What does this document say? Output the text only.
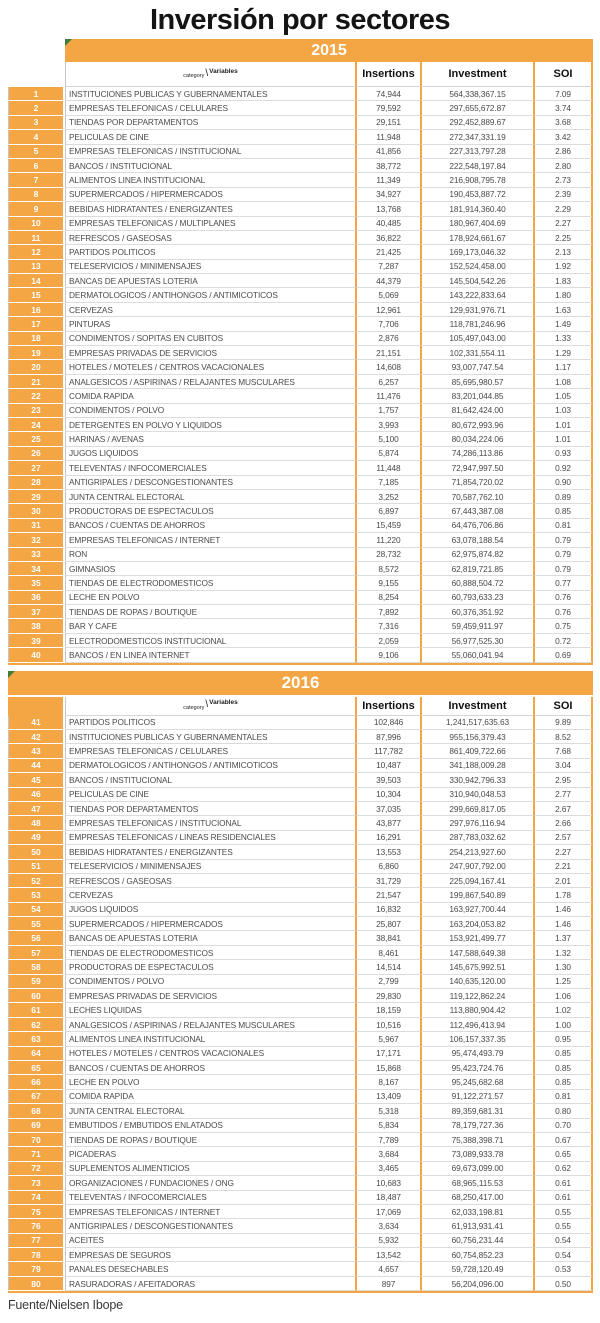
Inversión por sectores
2015
category \ Variables	Insertions	Investment	SOI
1	INSTITUCIONES PUBLICAS Y GUBERNAMENTALES	74,944	564,338,367.15	7.09
2	EMPRESAS TELEFONICAS / CELULARES	79,592	297,655,672.87	3.74
3	TIENDAS POR DEPARTAMENTOS	29,151	292,452,889.67	3.68
4	PELICULAS DE CINE	11,948	272,347,331.19	3.42
5	EMPRESAS TELEFONICAS / INSTITUCIONAL	41,856	227,313,797.28	2.86
6	BANCOS / INSTITUCIONAL	38,772	222,548,197.84	2.80
7	ALIMENTOS LINEA INSTITUCIONAL	11,349	216,908,795.78	2.73
8	SUPERMERCADOS / HIPERMERCADOS	34,927	190,453,887.72	2.39
9	BEBIDAS HIDRATANTES / ENERGIZANTES	13,768	181,914,360.40	2.29
10	EMPRESAS TELEFONICAS / MULTIPLANES	40,485	180,967,404.69	2.27
11	REFRESCOS / GASEOSAS	36,822	178,924,661.67	2.25
12	PARTIDOS POLITICOS	21,425	169,173,046.32	2.13
13	TELESERVICIOS / MINIMENSAJES	7,287	152,524,458.00	1.92
14	BANCAS DE APUESTAS LOTERIA	44,379	145,504,542.26	1.83
15	DERMATOLOGICOS / ANTIHONGOS / ANTIMICOTICOS	5,069	143,222,833.64	1.80
16	CERVEZAS	12,961	129,931,976.71	1.63
17	PINTURAS	7,706	118,781,246.96	1.49
18	CONDIMENTOS / SOPITAS EN CUBITOS	2,876	105,497,043.00	1.33
19	EMPRESAS PRIVADAS DE SERVICIOS	21,151	102,331,554.11	1.29
20	HOTELES / MOTELES / CENTROS VACACIONALES	14,608	93,007,747.54	1.17
21	ANALGESICOS / ASPIRINAS / RELAJANTES MUSCULARES	6,257	85,695,980.57	1.08
22	COMIDA RAPIDA	11,476	83,201,044.85	1.05
23	CONDIMENTOS / POLVO	1,757	81,642,424.00	1.03
24	DETERGENTES EN POLVO Y LIQUIDOS	3,993	80,672,993.96	1.01
25	HARINAS / AVENAS	5,100	80,034,224.06	1.01
26	JUGOS LIQUIDOS	5,874	74,286,113.86	0.93
27	TELEVENTAS / INFOCOMERCIALES	11,448	72,947,997.50	0.92
28	ANTIGRIPALES / DESCONGESTIONANTES	7,185	71,854,720.02	0.90
29	JUNTA CENTRAL ELECTORAL	3,252	70,587,762.10	0.89
30	PRODUCTORAS DE ESPECTACULOS	6,897	67,443,387.08	0.85
31	BANCOS / CUENTAS DE AHORROS	15,459	64,476,706.86	0.81
32	EMPRESAS TELEFONICAS / INTERNET	11,220	63,078,188.54	0.79
33	RON	28,732	62,975,874.82	0.79
34	GIMNASIOS	8,572	62,819,721.85	0.79
35	TIENDAS DE ELECTRODOMESTICOS	9,155	60,888,504.72	0.77
36	LECHE EN POLVO	8,254	60,793,633.23	0.76
37	TIENDAS DE ROPAS / BOUTIQUE	7,892	60,376,351.92	0.76
38	BAR Y CAFE	7,316	59,459,911.97	0.75
39	ELECTRODOMESTICOS INSTITUCIONAL	2,059	56,977,525.30	0.72
40	BANCOS / EN LINEA INTERNET	9,106	55,060,041.94	0.69
2016
category \ Variables	Insertions	Investment	SOI
41	PARTIDOS POLITICOS	102,846	1,241,517,635.63	9.89
42	INSTITUCIONES PUBLICAS Y GUBERNAMENTALES	87,996	955,156,379.43	8.52
43	EMPRESAS TELEFONICAS / CELULARES	117,782	861,409,722.66	7.68
44	DERMATOLOGICOS / ANTIHONGOS / ANTIMICOTICOS	10,487	341,188,009.28	3.04
45	BANCOS / INSTITUCIONAL	39,503	330,942,796.33	2.95
46	PELICULAS DE CINE	10,304	310,940,048.53	2.77
47	TIENDAS POR DEPARTAMENTOS	37,035	299,669,817.05	2.67
48	EMPRESAS TELEFONICAS / INSTITUCIONAL	43,877	297,976,116.94	2.66
49	EMPRESAS TELEFONICAS / LINEAS RESIDENCIALES	16,291	287,783,032.62	2.57
50	BEBIDAS HIDRATANTES / ENERGIZANTES	13,553	254,213,927.60	2.27
51	TELESERVICIOS / MINIMENSAJES	6,860	247,907,792.00	2.21
52	REFRESCOS / GASEOSAS	31,729	225,094,167.41	2.01
53	CERVEZAS	21,547	199,867,540.89	1.78
54	JUGOS LIQUIDOS	16,832	163,927,700.44	1.46
55	SUPERMERCADOS / HIPERMERCADOS	25,807	163,204,053.82	1.46
56	BANCAS DE APUESTAS LOTERIA	38,841	153,921,499.77	1.37
57	TIENDAS DE ELECTRODOMESTICOS	8,461	147,588,649.38	1.32
58	PRODUCTORAS DE ESPECTACULOS	14,514	145,675,992.51	1.30
59	CONDIMENTOS / POLVO	2,799	140,635,120.00	1.25
60	EMPRESAS PRIVADAS DE SERVICIOS	29,830	119,122,862.24	1.06
61	LECHES LIQUIDAS	18,159	113,880,904.42	1.02
62	ANALGESICOS / ASPIRINAS / RELAJANTES MUSCULARES	10,516	112,496,413.94	1.00
63	ALIMENTOS LINEA INSTITUCIONAL	5,967	106,157,337.35	0.95
64	HOTELES / MOTELES / CENTROS VACACIONALES	17,171	95,474,493.79	0.85
65	BANCOS / CUENTAS DE AHORROS	15,868	95,423,724.76	0.85
66	LECHE EN POLVO	8,167	95,245,682.68	0.85
67	COMIDA RAPIDA	13,409	91,122,271.57	0.81
68	JUNTA CENTRAL ELECTORAL	5,318	89,359,681.31	0.80
69	EMBUTIDOS / EMBUTIDOS ENLATADOS	5,834	78,179,727.36	0.70
70	TIENDAS DE ROPAS / BOUTIQUE	7,789	75,388,398.71	0.67
71	PICADERAS	3,684	73,089,933.78	0.65
72	SUPLEMENTOS ALIMENTICIOS	3,465	69,673,099.00	0.62
73	ORGANIZACIONES / FUNDACIONES / ONG	10,683	68,965,115.53	0.61
74	TELEVENTAS / INFOCOMERCIALES	18,487	68,250,417.00	0.61
75	EMPRESAS TELEFONICAS / INTERNET	17,069	62,033,198.81	0.55
76	ANTIGRIPALES / DESCONGESTIONANTES	3,634	61,913,931.41	0.55
77	ACEITES	5,932	60,756,231.44	0.54
78	EMPRESAS DE SEGUROS	13,542	60,754,852.23	0.54
79	PANALES DESECHABLES	4,657	59,728,120.49	0.53
80	RASURADORAS / AFEITADORAS	897	56,204,096.00	0.50
Fuente/Nielsen Ibope
